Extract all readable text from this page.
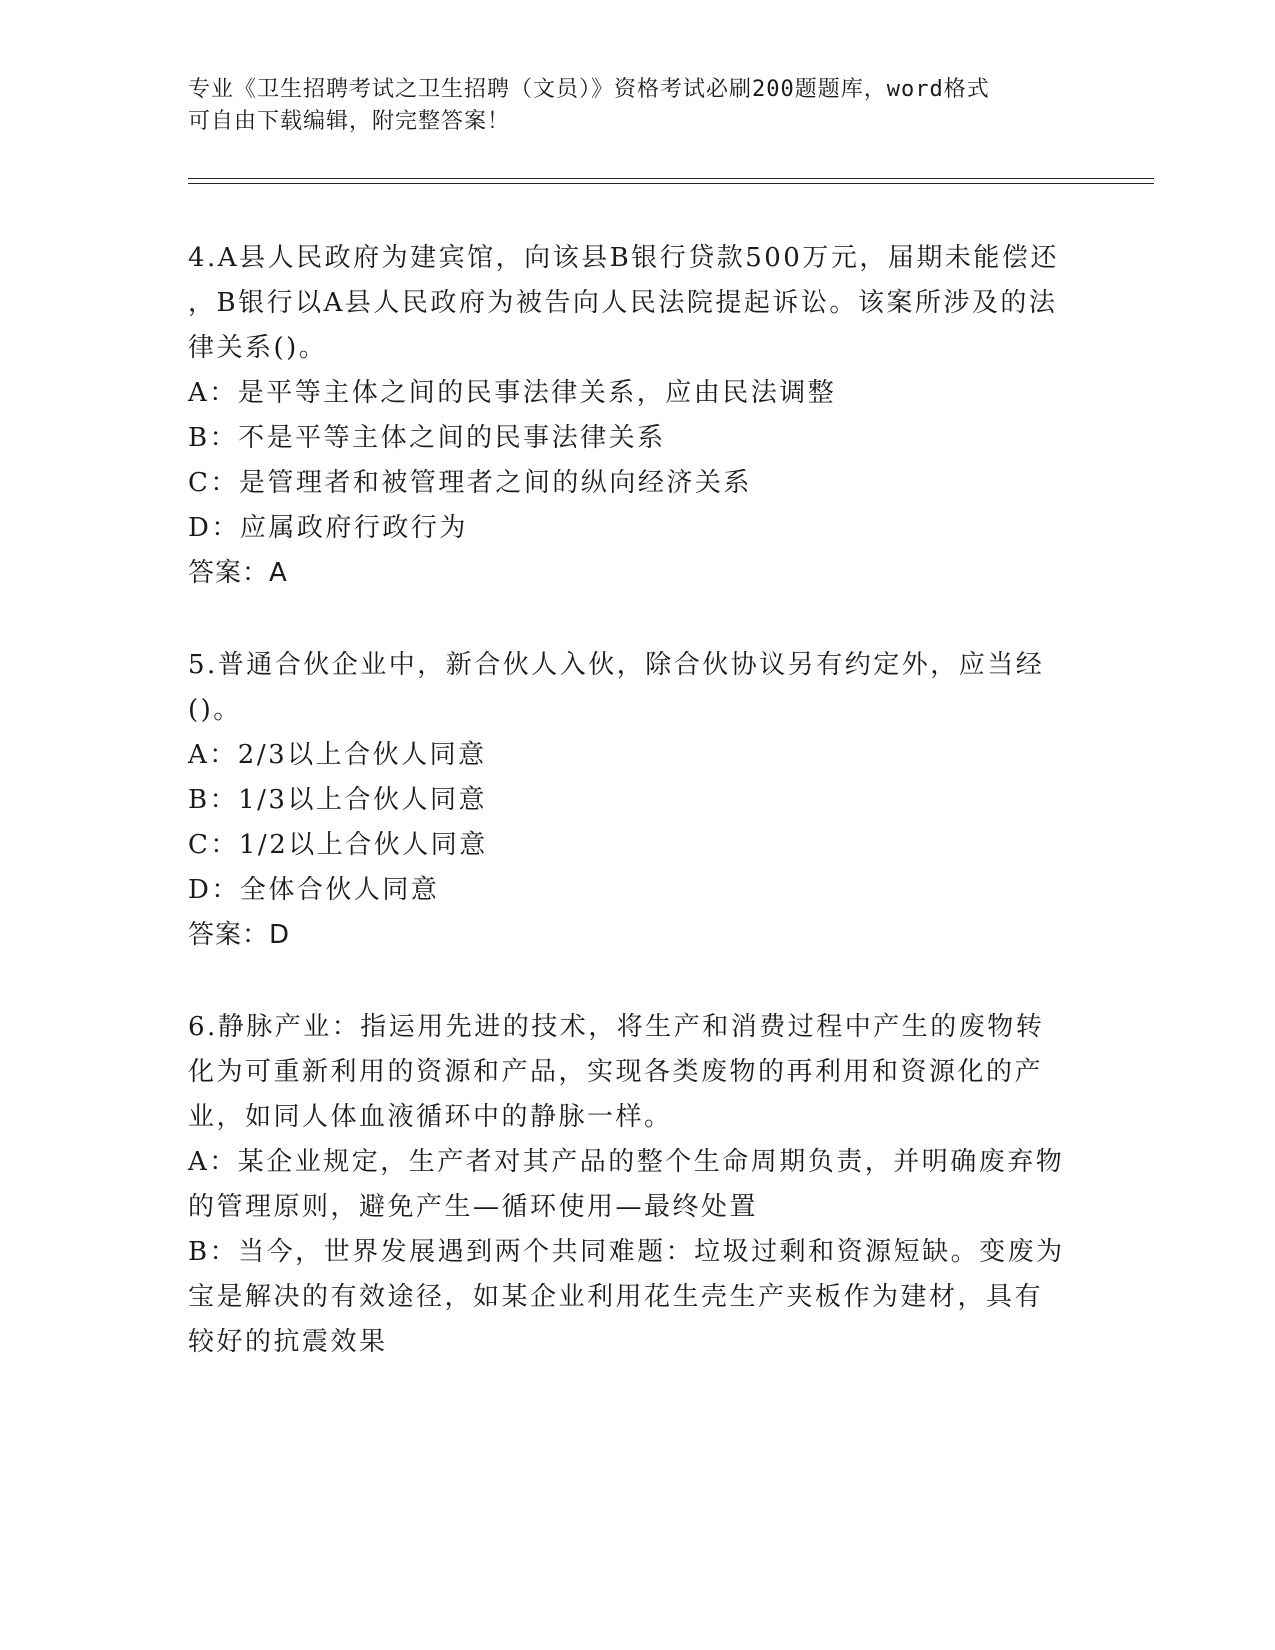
专业《卫生招聘考试之卫生招聘（文员）》资格考试必刷200题题库，word格式
可自由下载编辑，附完整答案！
4.A县人民政府为建宾馆，向该县B银行贷款500万元，届期未能偿还
，B银行以A县人民政府为被告向人民法院提起诉讼。该案所涉及的法
律关系()。
A：是平等主体之间的民事法律关系，应由民法调整
B：不是平等主体之间的民事法律关系
C：是管理者和被管理者之间的纵向经济关系
D：应属政府行政行为
答案：A
5.普通合伙企业中，新合伙人入伙，除合伙协议另有约定外，应当经
()。
A：2/3以上合伙人同意
B：1/3以上合伙人同意
C：1/2以上合伙人同意
D：全体合伙人同意
答案：D
6.静脉产业：指运用先进的技术，将生产和消费过程中产生的废物转
化为可重新利用的资源和产品，实现各类废物的再利用和资源化的产
业，如同人体血液循环中的静脉一样。
A：某企业规定，生产者对其产品的整个生命周期负责，并明确废弃物
的管理原则，避免产生—循环使用—最终处置
B：当今，世界发展遇到两个共同难题：垃圾过剩和资源短缺。变废为
宝是解决的有效途径，如某企业利用花生壳生产夹板作为建材，具有
较好的抗震效果
